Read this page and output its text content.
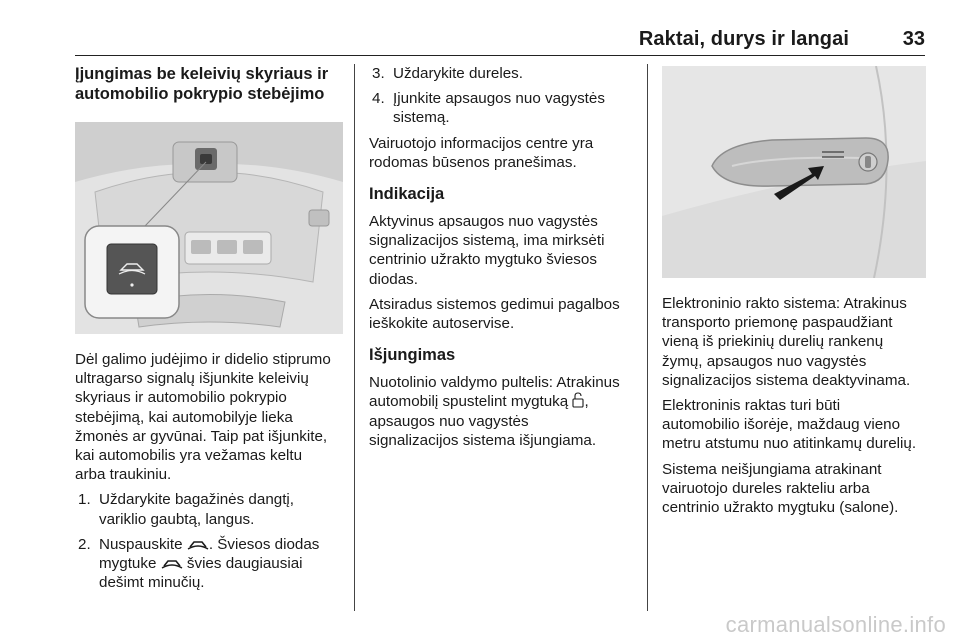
Raktai, durys ir langai	33
Įjungimas be keleivių skyriaus ir
automobilio pokrypio stebėjimo
Dėl galimo judėjimo ir didelio stiprumo
ultragarso signalų išjunkite keleivių
skyriaus ir automobilio pokrypio
stebėjimą, kai automobilyje lieka
žmonės ar gyvūnai. Taip pat išjunkite,
kai automobilis yra vežamas keltu
arba traukiniu.
1. Uždarykite bagažinės dangtį,
variklio gaubtą, langus.
2. Nuspauskite . Šviesos diodas
mygtuke švies daugiausiai
dešimt minučių.
3. Uždarykite dureles.
4. Įjunkite apsaugos nuo vagystės
sistemą.
Vairuotojo informacijos centre yra
rodomas būsenos pranešimas.
Indikacija
Aktyvinus apsaugos nuo vagystės
signalizacijos sistemą, ima mirksėti
centrinio užrakto mygtuko šviesos
diodas.
Atsiradus sistemos gedimui pagalbos
ieškokite autoservise.
Išjungimas
Nuotolinio valdymo pultelis: Atrakinus
automobilį spustelint mygtuką ,
apsaugos nuo vagystės
signalizacijos sistema išjungiama.
Elektroninio rakto sistema: Atrakinus
transporto priemonę paspaudžiant
vieną iš priekinių durelių rankenų
žymų, apsaugos nuo vagystės
signalizacijos sistema deaktyvinama.
Elektroninis raktas turi būti
automobilio išorėje, maždaug vieno
metru atstumu nuo atitinkamų durelių.
Sistema neišjungiama atrakinant
vairuotojo dureles rakteliu arba
centrinio užrakto mygtuku (salone).
carmanualsonline.info
